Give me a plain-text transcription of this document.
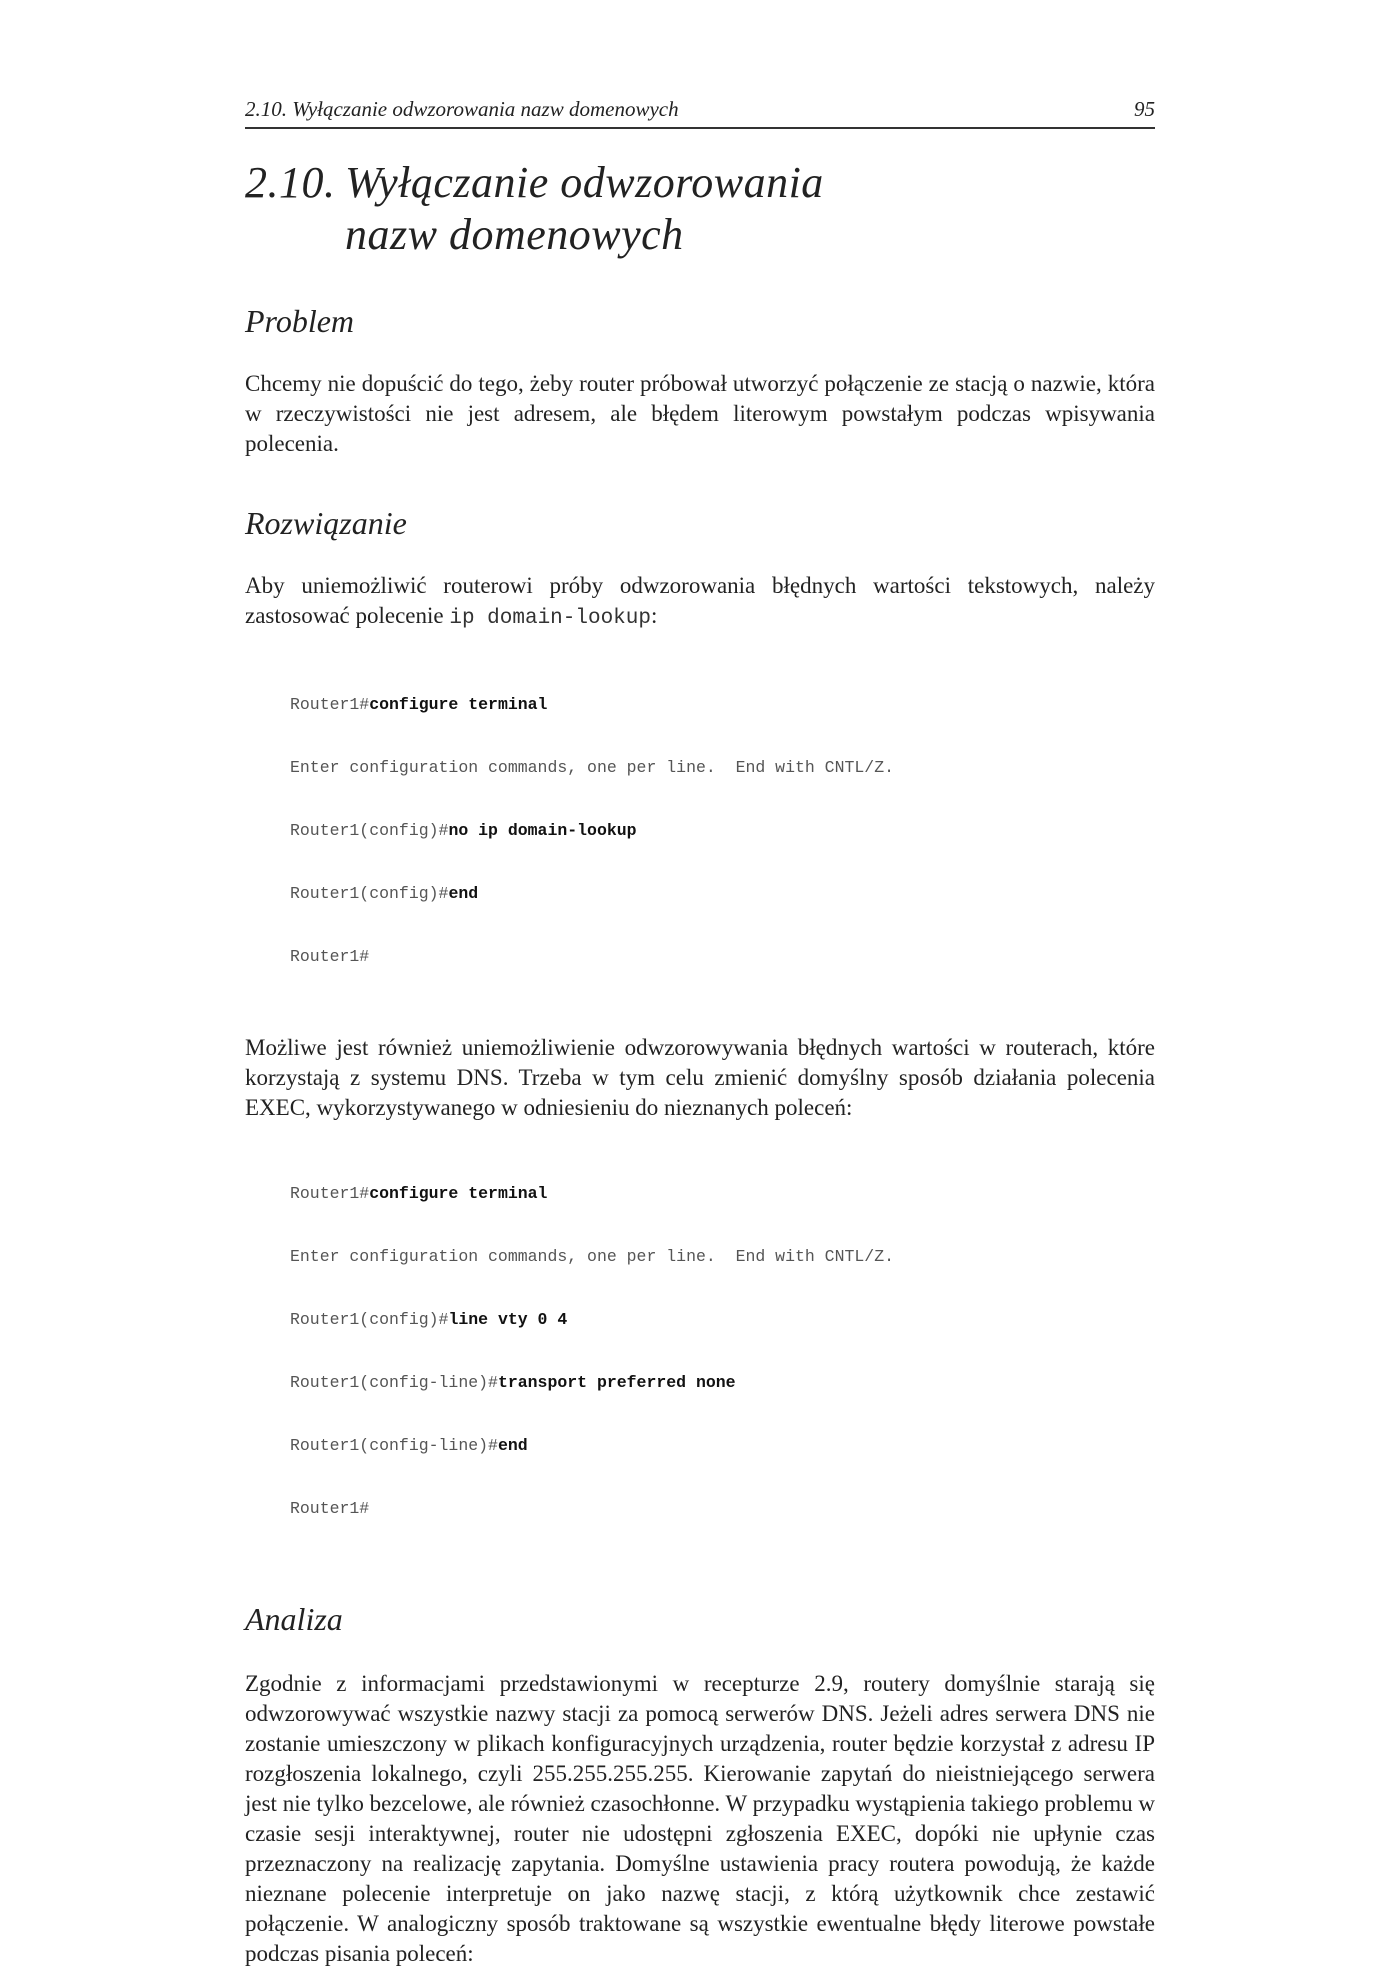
2.10. Wyłączanie odwzorowania nazw domenowych	95
2.10. Wyłączanie odwzorowania nazw domenowych
Problem

Chcemy nie dopuścić do tego, żeby router próbował utworzyć połączenie ze stacją o nazwie, która w rzeczywistości nie jest adresem, ale błędem literowym powstałym podczas wpisywania polecenia.

Rozwiązanie

Aby uniemożliwić routerowi próby odwzorowania błędnych wartości tekstowych, należy zastosować polecenie ip domain-lookup:

Router1#configure terminal

Enter configuration commands, one per line.  End with CNTL/Z.

Router1(config)#no ip domain-lookup

Router1(config)#end

Router1#

Możliwe jest również uniemożliwienie odwzorowywania błędnych wartości w routerach, które korzystają z systemu DNS. Trzeba w tym celu zmienić domyślny sposób działania polecenia EXEC, wykorzystywanego w odniesieniu do nieznanych poleceń:

Router1#configure terminal

Enter configuration commands, one per line.  End with CNTL/Z.

Router1(config)#line vty 0 4

Router1(config-line)#transport preferred none

Router1(config-line)#end

Router1#

Analiza

Zgodnie z informacjami przedstawionymi w recepturze 2.9, routery domyślnie starają się odwzorowywać wszystkie nazwy stacji za pomocą serwerów DNS. Jeżeli adres serwera DNS nie zostanie umieszczony w plikach konfiguracyjnych urządzenia, router będzie korzystał z adresu IP rozgłoszenia lokalnego, czyli 255.255.255.255. Kierowanie zapytań do nieistniejącego serwera jest nie tylko bezcelowe, ale również czasochłonne. W przypadku wystąpienia takiego problemu w czasie sesji interaktywnej, router nie udostępni zgłoszenia EXEC, dopóki nie upłynie czas przeznaczony na realizację zapytania. Domyślne ustawienia pracy routera powodują, że każde nieznane polecenie interpretuje on jako nazwę stacji, z którą użytkownik chce zestawić połączenie. W analogiczny sposób traktowane są wszystkie ewentualne błędy literowe powstałe podczas pisania poleceń:
